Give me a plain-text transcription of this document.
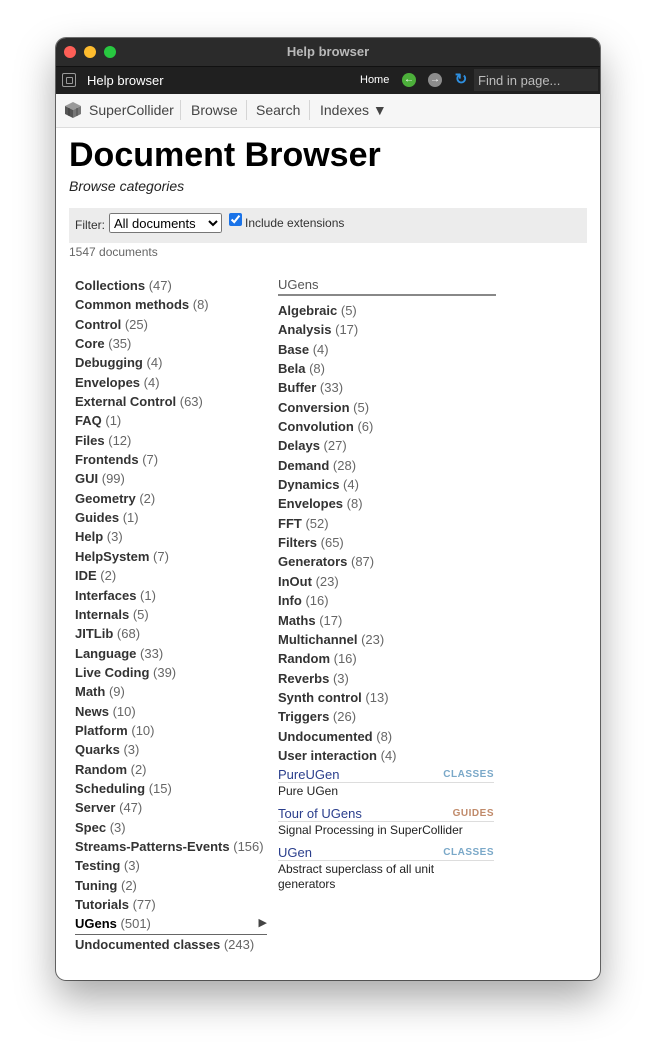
Help browser
Help browser	Home ← → ↻
Find in page...
SuperCollider Browse Search Indexes ▼
Document Browser
Browse categories
Filter:
All documents	Include extensions
1547 documents
Collections (47)
Common methods (8)
Control (25)
Core (35)
Debugging (4)
Envelopes (4)
External Control (63)
FAQ (1)
Files (12)
Frontends (7)
GUI (99)
Geometry (2)
Guides (1)
Help (3)
HelpSystem (7)
IDE (2)
Interfaces (1)
Internals (5)
JITLib (68)
Language (33)
Live Coding (39)
Math (9)
News (10)
Platform (10)
Quarks (3)
Random (2)
Scheduling (15)
Server (47)
Spec (3)
Streams-Patterns-Events (156)
Testing (3)
Tuning (2)
Tutorials (77)
UGens (501)	▶
Undocumented classes (243)
UGens
Algebraic (5)
Analysis (17)
Base (4)
Bela (8)
Buffer (33)
Conversion (5)
Convolution (6)
Delays (27)
Demand (28)
Dynamics (4)
Envelopes (8)
FFT (52)
Filters (65)
Generators (87)
InOut (23)
Info (16)
Maths (17)
Multichannel (23)
Random (16)
Reverbs (3)
Synth control (13)
Triggers (26)
Undocumented (8)
User interaction (4)
PureUGen	CLASSES
Pure UGen
Tour of UGens	GUIDES
Signal Processing in SuperCollider
UGen	CLASSES
Abstract superclass of all unit generators
